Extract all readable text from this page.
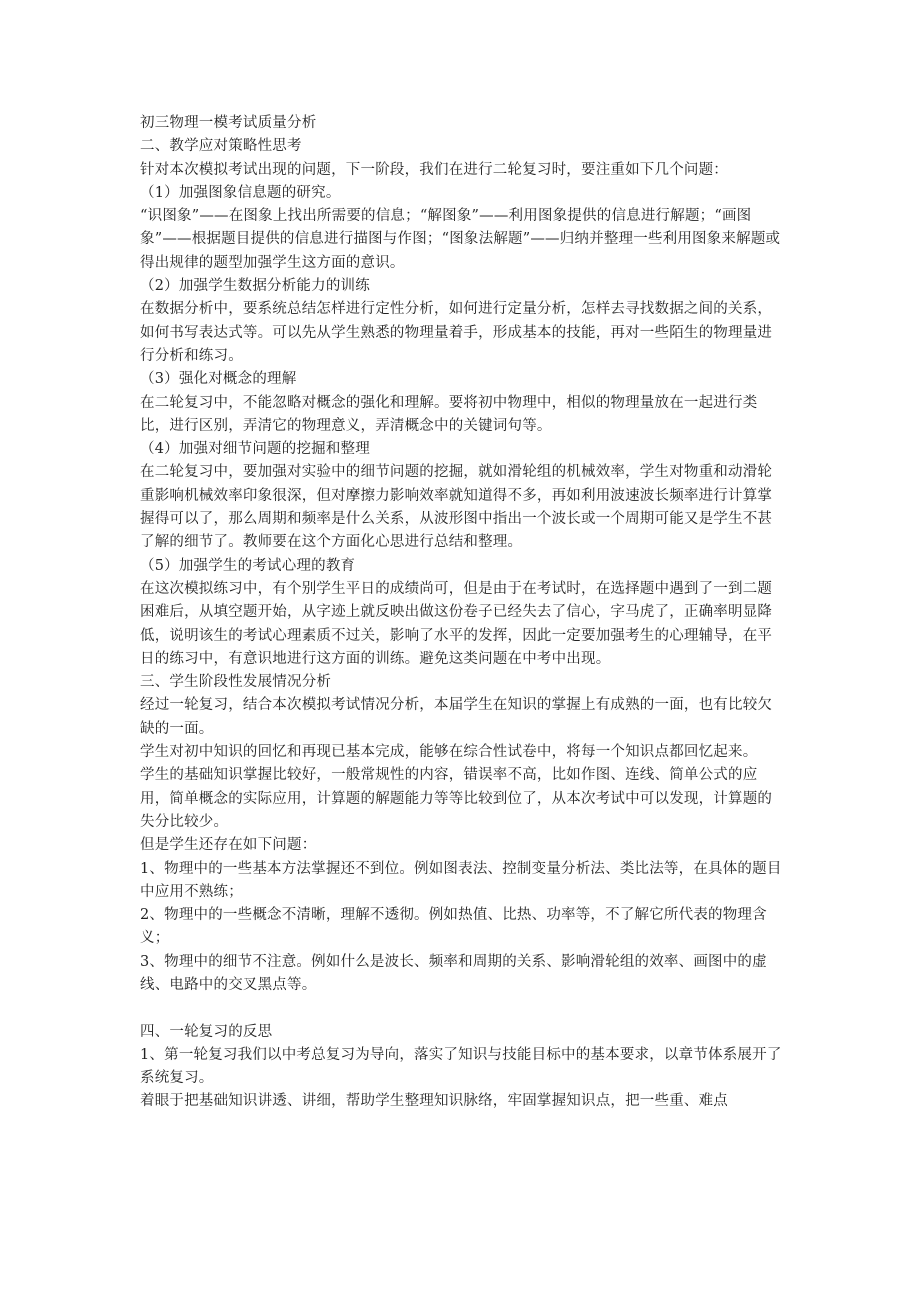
初三物理一模考试质量分析

二、教学应对策略性思考

针对本次模拟考试出现的问题，下一阶段，我们在进行二轮复习时，要注重如下几个问题：

（1）加强图象信息题的研究。

“识图象”——在图象上找出所需要的信息；“解图象”——利用图象提供的信息进行解题；“画图象”——根据题目提供的信息进行描图与作图；“图象法解题”——归纳并整理一些利用图象来解题或得出规律的题型加强学生这方面的意识。

（2）加强学生数据分析能力的训练

在数据分析中，要系统总结怎样进行定性分析，如何进行定量分析，怎样去寻找数据之间的关系，如何书写表达式等。可以先从学生熟悉的物理量着手，形成基本的技能，再对一些陌生的物理量进行分析和练习。

（3）强化对概念的理解

在二轮复习中，不能忽略对概念的强化和理解。要将初中物理中，相似的物理量放在一起进行类比，进行区别，弄清它的物理意义，弄清概念中的关键词句等。

（4）加强对细节问题的挖掘和整理

在二轮复习中，要加强对实验中的细节问题的挖掘，就如滑轮组的机械效率，学生对物重和动滑轮重影响机械效率印象很深，但对摩擦力影响效率就知道得不多，再如利用波速波长频率进行计算掌握得可以了，那么周期和频率是什么关系，从波形图中指出一个波长或一个周期可能又是学生不甚了解的细节了。教师要在这个方面化心思进行总结和整理。

（5）加强学生的考试心理的教育

在这次模拟练习中，有个别学生平日的成绩尚可，但是由于在考试时，在选择题中遇到了一到二题困难后，从填空题开始，从字迹上就反映出做这份卷子已经失去了信心，字马虎了，正确率明显降低，说明该生的考试心理素质不过关，影响了水平的发挥，因此一定要加强考生的心理辅导，在平日的练习中，有意识地进行这方面的训练。避免这类问题在中考中出现。

三、学生阶段性发展情况分析

经过一轮复习，结合本次模拟考试情况分析，本届学生在知识的掌握上有成熟的一面，也有比较欠缺的一面。

学生对初中知识的回忆和再现已基本完成，能够在综合性试卷中，将每一个知识点都回忆起来。

学生的基础知识掌握比较好，一般常规性的内容，错误率不高，比如作图、连线、简单公式的应用，简单概念的实际应用，计算题的解题能力等等比较到位了，从本次考试中可以发现，计算题的失分比较少。

但是学生还存在如下问题：

1、物理中的一些基本方法掌握还不到位。例如图表法、控制变量分析法、类比法等，在具体的题目中应用不熟练；

2、物理中的一些概念不清晰，理解不透彻。例如热值、比热、功率等，不了解它所代表的物理含义；

3、物理中的细节不注意。例如什么是波长、频率和周期的关系、影响滑轮组的效率、画图中的虚线、电路中的交叉黑点等。

四、一轮复习的反思

1、第一轮复习我们以中考总复习为导向，落实了知识与技能目标中的基本要求，以章节体系展开了系统复习。

着眼于把基础知识讲透、讲细，帮助学生整理知识脉络，牢固掌握知识点，把一些重、难点
